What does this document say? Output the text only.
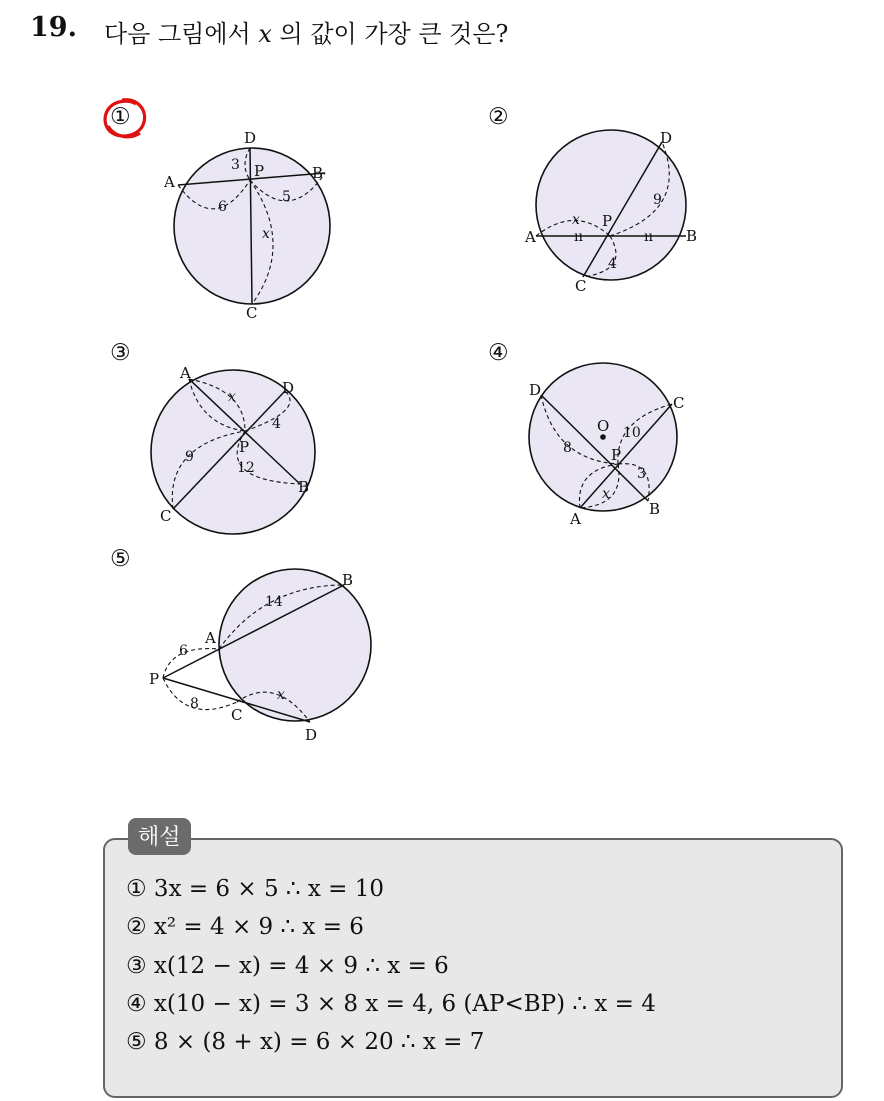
19. 다음 그림에서 x 의 값이 가장 큰 것은?
①
D
A	B
C
P
3
6
5
x
②
ıı	ıı
D
A	B
C
P
9
4
x
③
A
D
B
C
P
x
4
9
12
④
D
C
B
A
O
P
8
10
3
x
⑤
B
A
P
C
D
14
6
8
x
해설
① 3x = 6 × 5 ∴ x = 10
② x² = 4 × 9 ∴ x = 6
③ x(12 − x) = 4 × 9 ∴ x = 6
④ x(10 − x) = 3 × 8 x = 4, 6 (AP<BP) ∴ x = 4
⑤ 8 × (8 + x) = 6 × 20 ∴ x = 7
